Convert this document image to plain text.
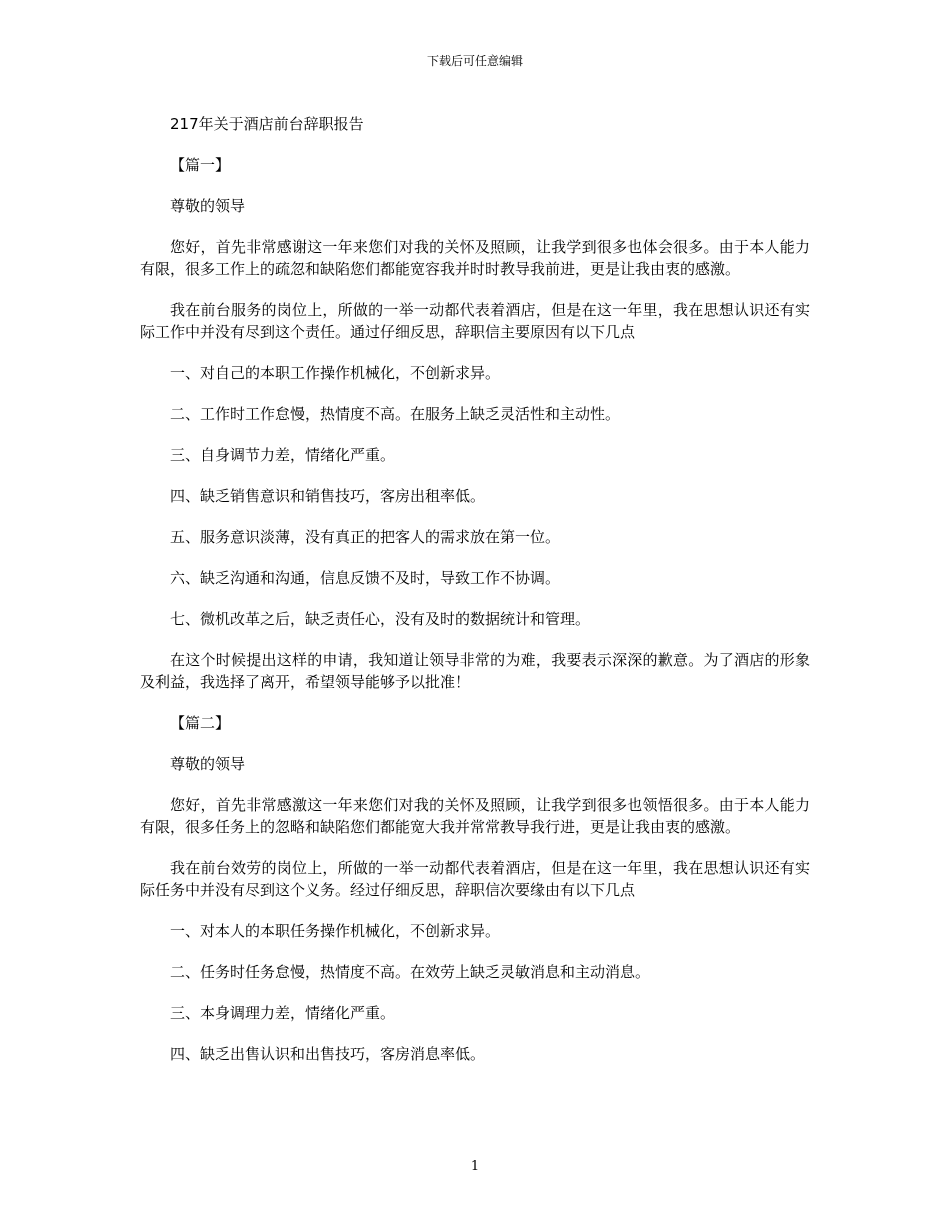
下载后可任意编辑

217年关于酒店前台辞职报告

【篇一】

尊敬的领导

您好，首先非常感谢这一年来您们对我的关怀及照顾，让我学到很多也体会很多。由于本人能力有限，很多工作上的疏忽和缺陷您们都能宽容我并时时教导我前进，更是让我由衷的感激。

我在前台服务的岗位上，所做的一举一动都代表着酒店，但是在这一年里，我在思想认识还有实际工作中并没有尽到这个责任。通过仔细反思，辞职信主要原因有以下几点

一、对自己的本职工作操作机械化，不创新求异。

二、工作时工作怠慢，热情度不高。在服务上缺乏灵活性和主动性。

三、自身调节力差，情绪化严重。

四、缺乏销售意识和销售技巧，客房出租率低。

五、服务意识淡薄，没有真正的把客人的需求放在第一位。

六、缺乏沟通和沟通，信息反馈不及时，导致工作不协调。

七、微机改革之后，缺乏责任心，没有及时的数据统计和管理。

在这个时候提出这样的申请，我知道让领导非常的为难，我要表示深深的歉意。为了酒店的形象及利益，我选择了离开，希望领导能够予以批准！

【篇二】

尊敬的领导

您好，首先非常感激这一年来您们对我的关怀及照顾，让我学到很多也领悟很多。由于本人能力有限，很多任务上的忽略和缺陷您们都能宽大我并常常教导我行进，更是让我由衷的感激。

我在前台效劳的岗位上，所做的一举一动都代表着酒店，但是在这一年里，我在思想认识还有实际任务中并没有尽到这个义务。经过仔细反思，辞职信次要缘由有以下几点

一、对本人的本职任务操作机械化，不创新求异。

二、任务时任务怠慢，热情度不高。在效劳上缺乏灵敏消息和主动消息。

三、本身调理力差，情绪化严重。

四、缺乏出售认识和出售技巧，客房消息率低。

1
